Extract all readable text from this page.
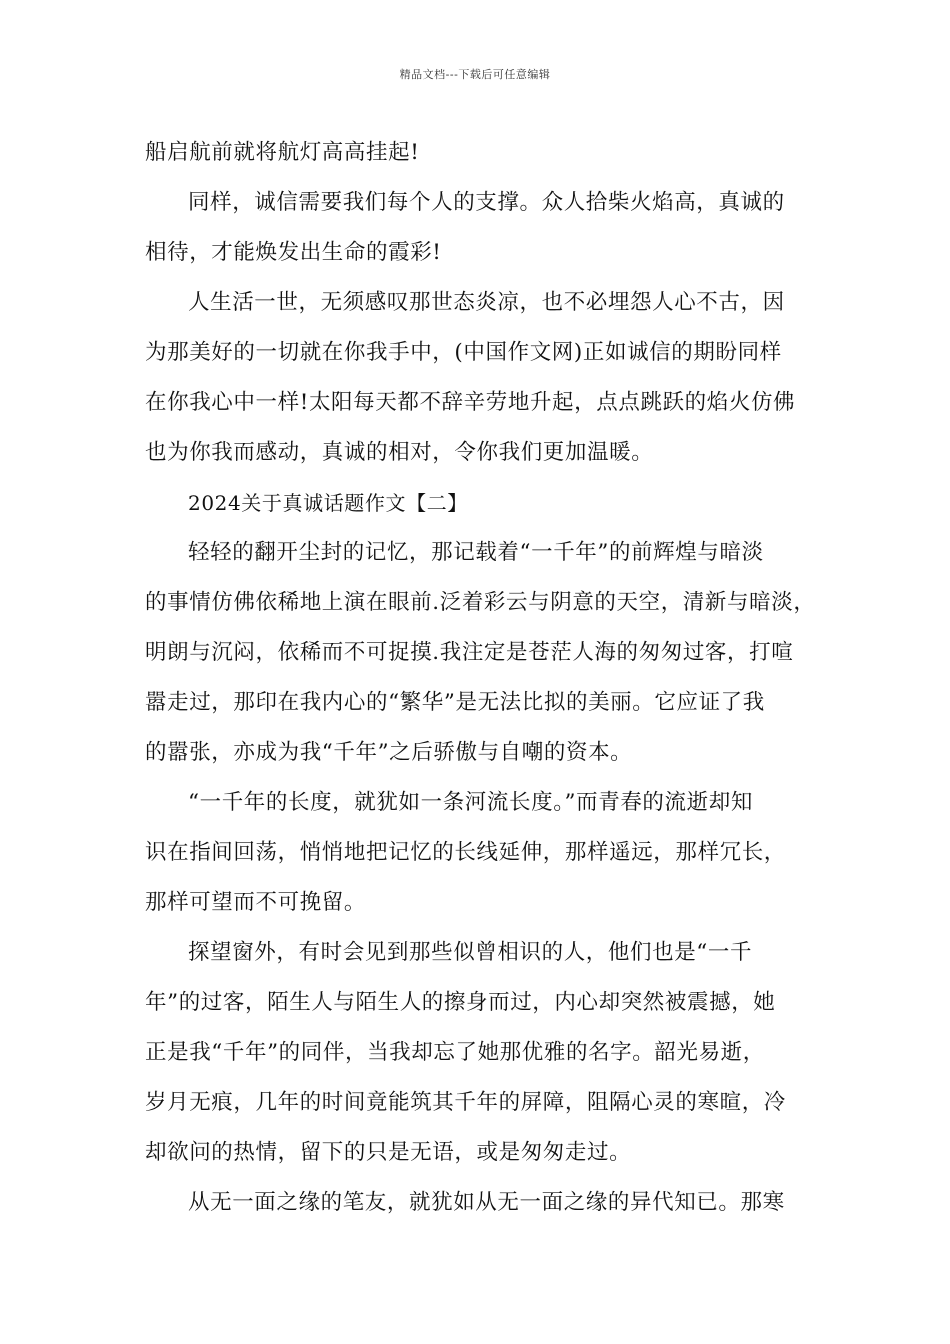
精品文档---下载后可任意编辑
船启航前就将航灯高高挂起!
同样，诚信需要我们每个人的支撑。众人拾柴火焰高，真诚的
相待，才能焕发出生命的霞彩!
人生活一世，无须感叹那世态炎凉，也不必埋怨人心不古，因
为那美好的一切就在你我手中，(中国作文网)正如诚信的期盼同样
在你我心中一样!太阳每天都不辞辛劳地升起，点点跳跃的焰火仿佛
也为你我而感动，真诚的相对，令你我们更加温暖。
2024关于真诚话题作文【二】
轻轻的翻开尘封的记忆，那记载着“一千年”的前辉煌与暗淡
的事情仿佛依稀地上演在眼前.泛着彩云与阴意的天空，清新与暗淡，
明朗与沉闷，依稀而不可捉摸.我注定是苍茫人海的匆匆过客，打喧
嚣走过，那印在我内心的“繁华”是无法比拟的美丽。它应证了我
的嚣张，亦成为我“千年”之后骄傲与自嘲的资本。
“一千年的长度，就犹如一条河流长度。”而青春的流逝却知
识在指间回荡，悄悄地把记忆的长线延伸，那样遥远，那样冗长，
那样可望而不可挽留。
探望窗外，有时会见到那些似曾相识的人，他们也是“一千
年”的过客，陌生人与陌生人的擦身而过，内心却突然被震撼，她
正是我“千年”的同伴，当我却忘了她那优雅的名字。韶光易逝，
岁月无痕，几年的时间竟能筑其千年的屏障，阻隔心灵的寒暄，冷
却欲问的热情，留下的只是无语，或是匆匆走过。
从无一面之缘的笔友，就犹如从无一面之缘的异代知已。那寒
